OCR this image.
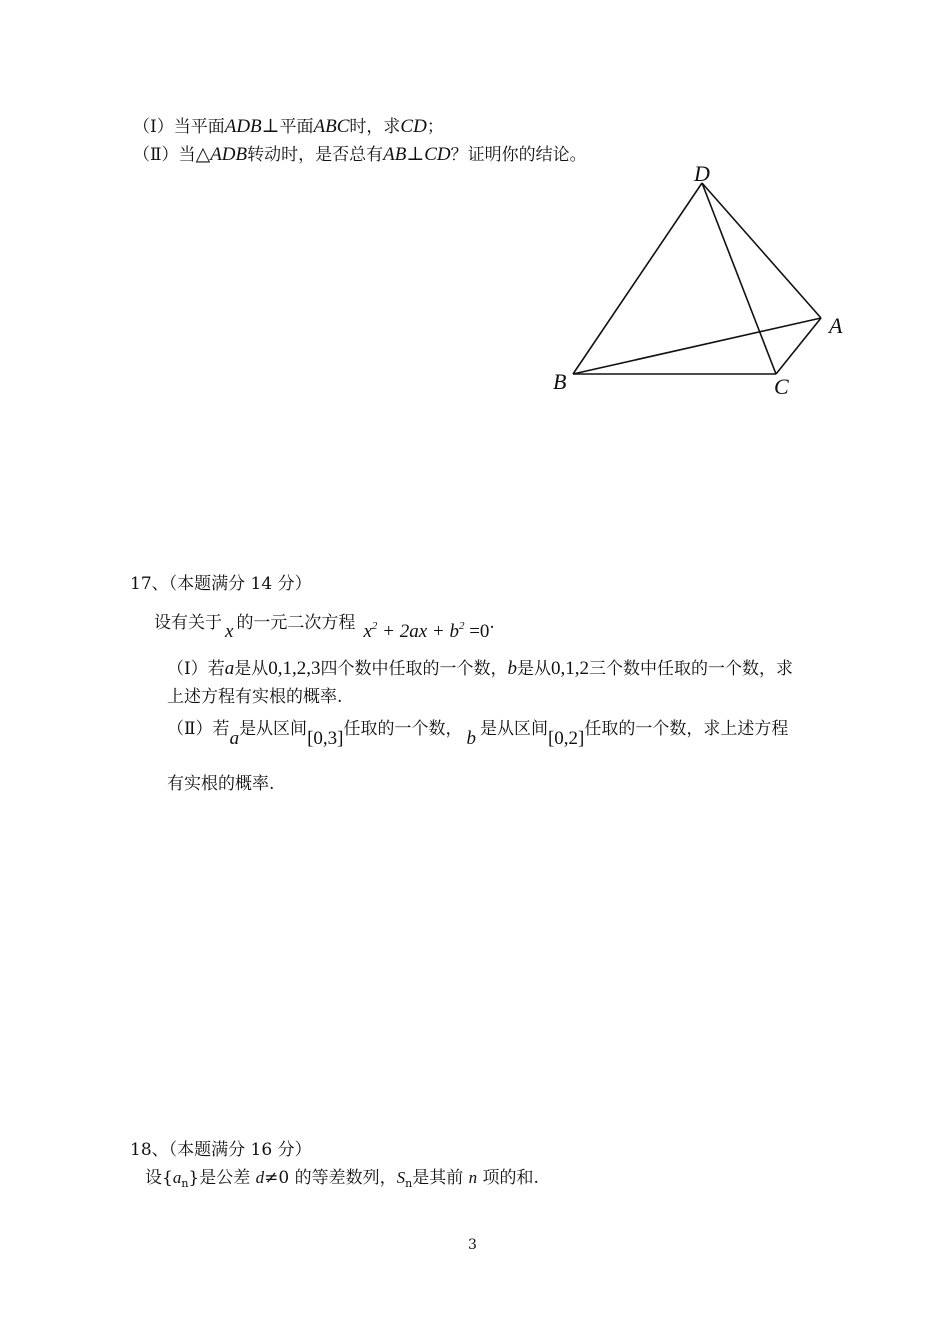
（Ⅰ）当平面ADB⊥平面ABC时，求CD；
（Ⅱ）当△ADB转动时，是否总有AB⊥CD？证明你的结论。
D
A
B	C
17、（本题满分 14 分）
设有关于 x 的一元二次方程 $x^2 + 2ax + b^2 =0$.
（Ⅰ）若a是从0,1,2,3四个数中任取的一个数，b是从0,1,2三个数中任取的一个数，求
上述方程有实根的概率.
（Ⅱ）若a是从区间[0,3]任取的一个数， b 是从区间[0,2]任取的一个数，求上述方程
有实根的概率.
18、（本题满分 16 分）
设$\{a_n\}$是公差 d≠0 的等差数列，$S_n$是其前 n 项的和.
3
